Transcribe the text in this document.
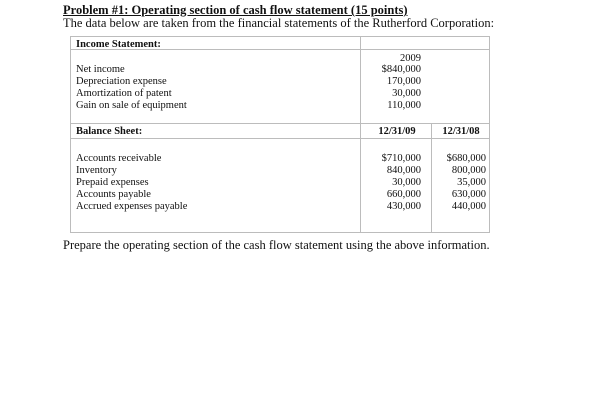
Problem #1: Operating section of cash flow statement (15 points)
The data below are taken from the financial statements of the Rutherford Corporation:
Income Statement:
2009
Net income	$840,000
Depreciation expense	170,000
Amortization of patent	30,000
Gain on sale of equipment	110,000
Balance Sheet:	12/31/09	12/31/08
Accounts receivable	$710,000	$680,000
Inventory	840,000	800,000
Prepaid expenses	30,000	35,000
Accounts payable	660,000	630,000
Accrued expenses payable	430,000	440,000
Prepare the operating section of the cash flow statement using the above information.
